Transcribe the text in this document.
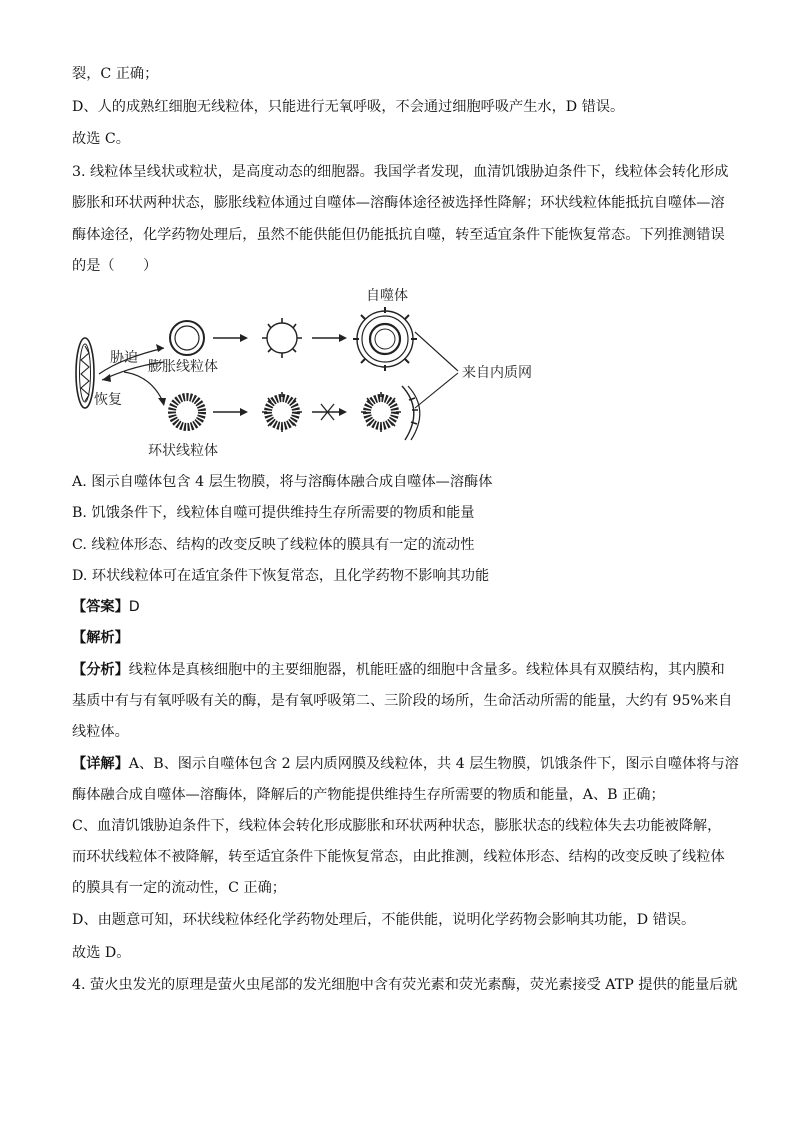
裂，C 正确；
D、人的成熟红细胞无线粒体，只能进行无氧呼吸，不会通过细胞呼吸产生水，D 错误。
故选 C。
3. 线粒体呈线状或粒状，是高度动态的细胞器。我国学者发现，血清饥饿胁迫条件下，线粒体会转化形成
膨胀和环状两种状态，膨胀线粒体通过自噬体—溶酶体途径被选择性降解；环状线粒体能抵抗自噬体—溶
酶体途径，化学药物处理后，虽然不能供能但仍能抵抗自噬，转至适宜条件下能恢复常态。下列推测错误
的是（　　）
胁迫
恢复
膨胀线粒体
自噬体
环状线粒体
来自内质网
A. 图示自噬体包含 4 层生物膜，将与溶酶体融合成自噬体—溶酶体
B. 饥饿条件下，线粒体自噬可提供维持生存所需要的物质和能量
C. 线粒体形态、结构的改变反映了线粒体的膜具有一定的流动性
D. 环状线粒体可在适宜条件下恢复常态，且化学药物不影响其功能
【答案】D
【解析】
【分析】线粒体是真核细胞中的主要细胞器，机能旺盛的细胞中含量多。线粒体具有双膜结构，其内膜和
基质中有与有氧呼吸有关的酶，是有氧呼吸第二、三阶段的场所，生命活动所需的能量，大约有 95%来自
线粒体。
【详解】A、B、图示自噬体包含 2 层内质网膜及线粒体，共 4 层生物膜，饥饿条件下，图示自噬体将与溶
酶体融合成自噬体—溶酶体，降解后的产物能提供维持生存所需要的物质和能量，A、B 正确；
C、血清饥饿胁迫条件下，线粒体会转化形成膨胀和环状两种状态，膨胀状态的线粒体失去功能被降解，
而环状线粒体不被降解，转至适宜条件下能恢复常态，由此推测，线粒体形态、结构的改变反映了线粒体
的膜具有一定的流动性，C 正确；
D、由题意可知，环状线粒体经化学药物处理后，不能供能，说明化学药物会影响其功能，D 错误。
故选 D。
4. 萤火虫发光的原理是萤火虫尾部的发光细胞中含有荧光素和荧光素酶，荧光素接受 ATP 提供的能量后就
